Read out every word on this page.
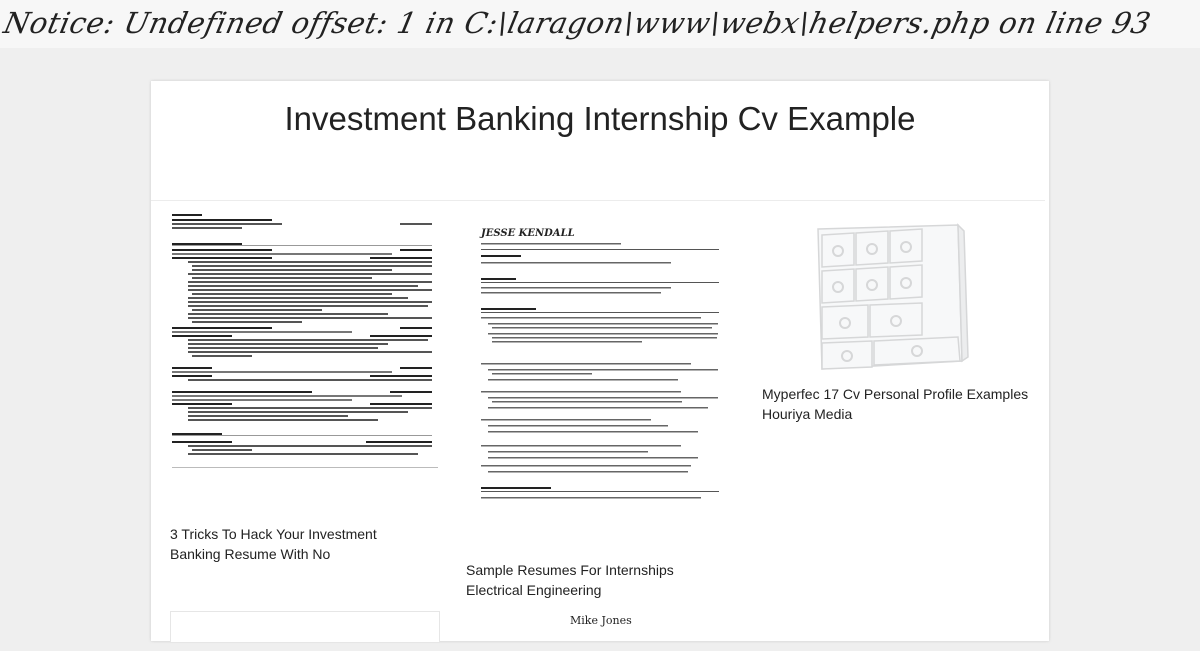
Notice: Undefined offset: 1 in C:\laragon\www\webx\helpers.php on line 93
Investment Banking Internship Cv Example
3 Tricks To Hack Your Investment Banking Resume With No
JESSE KENDALL
Sample Resumes For Internships Electrical Engineering
Myperfec 17 Cv Personal Profile Examples Houriya Media
Mike Jones
